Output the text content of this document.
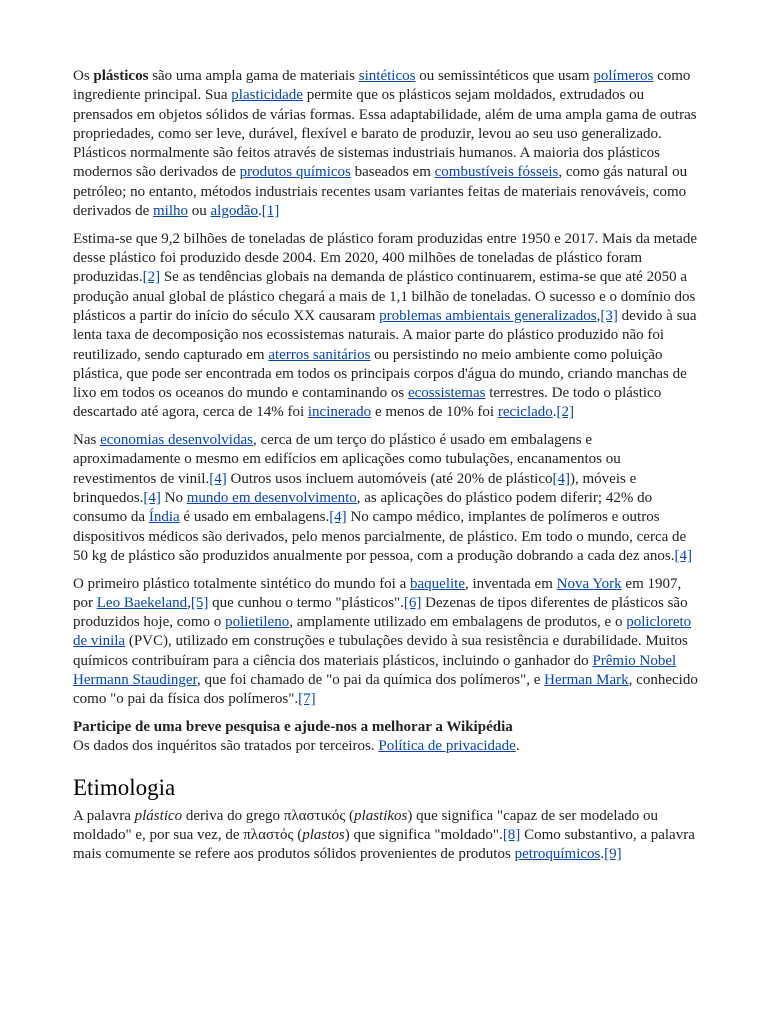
Os plásticos são uma ampla gama de materiais sintéticos ou semissintéticos que usam polímeros como ingrediente principal. Sua plasticidade permite que os plásticos sejam moldados, extrudados ou prensados em objetos sólidos de várias formas. Essa adaptabilidade, além de uma ampla gama de outras propriedades, como ser leve, durável, flexível e barato de produzir, levou ao seu uso generalizado. Plásticos normalmente são feitos através de sistemas industriais humanos. A maioria dos plásticos modernos são derivados de produtos químicos baseados em combustíveis fósseis, como gás natural ou petróleo; no entanto, métodos industriais recentes usam variantes feitas de materiais renováveis, como derivados de milho ou algodão.[1]

Estima-se que 9,2 bilhões de toneladas de plástico foram produzidas entre 1950 e 2017. Mais da metade desse plástico foi produzido desde 2004. Em 2020, 400 milhões de toneladas de plástico foram produzidas.[2] Se as tendências globais na demanda de plástico continuarem, estima-se que até 2050 a produção anual global de plástico chegará a mais de 1,1 bilhão de toneladas. O sucesso e o domínio dos plásticos a partir do início do século XX causaram problemas ambientais generalizados,[3] devido à sua lenta taxa de decomposição nos ecossistemas naturais. A maior parte do plástico produzido não foi reutilizado, sendo capturado em aterros sanitários ou persistindo no meio ambiente como poluição plástica, que pode ser encontrada em todos os principais corpos d'água do mundo, criando manchas de lixo em todos os oceanos do mundo e contaminando os ecossistemas terrestres. De todo o plástico descartado até agora, cerca de 14% foi incinerado e menos de 10% foi reciclado.[2]

Nas economias desenvolvidas, cerca de um terço do plástico é usado em embalagens e aproximadamente o mesmo em edifícios em aplicações como tubulações, encanamentos ou revestimentos de vinil.[4] Outros usos incluem automóveis (até 20% de plástico[4]), móveis e brinquedos.[4] No mundo em desenvolvimento, as aplicações do plástico podem diferir; 42% do consumo da Índia é usado em embalagens.[4] No campo médico, implantes de polímeros e outros dispositivos médicos são derivados, pelo menos parcialmente, de plástico. Em todo o mundo, cerca de 50 kg de plástico são produzidos anualmente por pessoa, com a produção dobrando a cada dez anos.[4]

O primeiro plástico totalmente sintético do mundo foi a baquelite, inventada em Nova York em 1907, por Leo Baekeland,[5] que cunhou o termo "plásticos".[6] Dezenas de tipos diferentes de plásticos são produzidos hoje, como o polietileno, amplamente utilizado em embalagens de produtos, e o policloreto de vinila (PVC), utilizado em construções e tubulações devido à sua resistência e durabilidade. Muitos químicos contribuíram para a ciência dos materiais plásticos, incluindo o ganhador do Prêmio Nobel Hermann Staudinger, que foi chamado de "o pai da química dos polímeros", e Herman Mark, conhecido como "o pai da física dos polímeros".[7]

Participe de uma breve pesquisa e ajude-nos a melhorar a Wikipédia
Os dados dos inquéritos são tratados por terceiros. Política de privacidade.
Etimologia

A palavra plástico deriva do grego πλαστικός (plastikos) que significa "capaz de ser modelado ou moldado" e, por sua vez, de πλαστός (plastos) que significa "moldado".[8] Como substantivo, a palavra mais comumente se refere aos produtos sólidos provenientes de produtos petroquímicos.[9]
